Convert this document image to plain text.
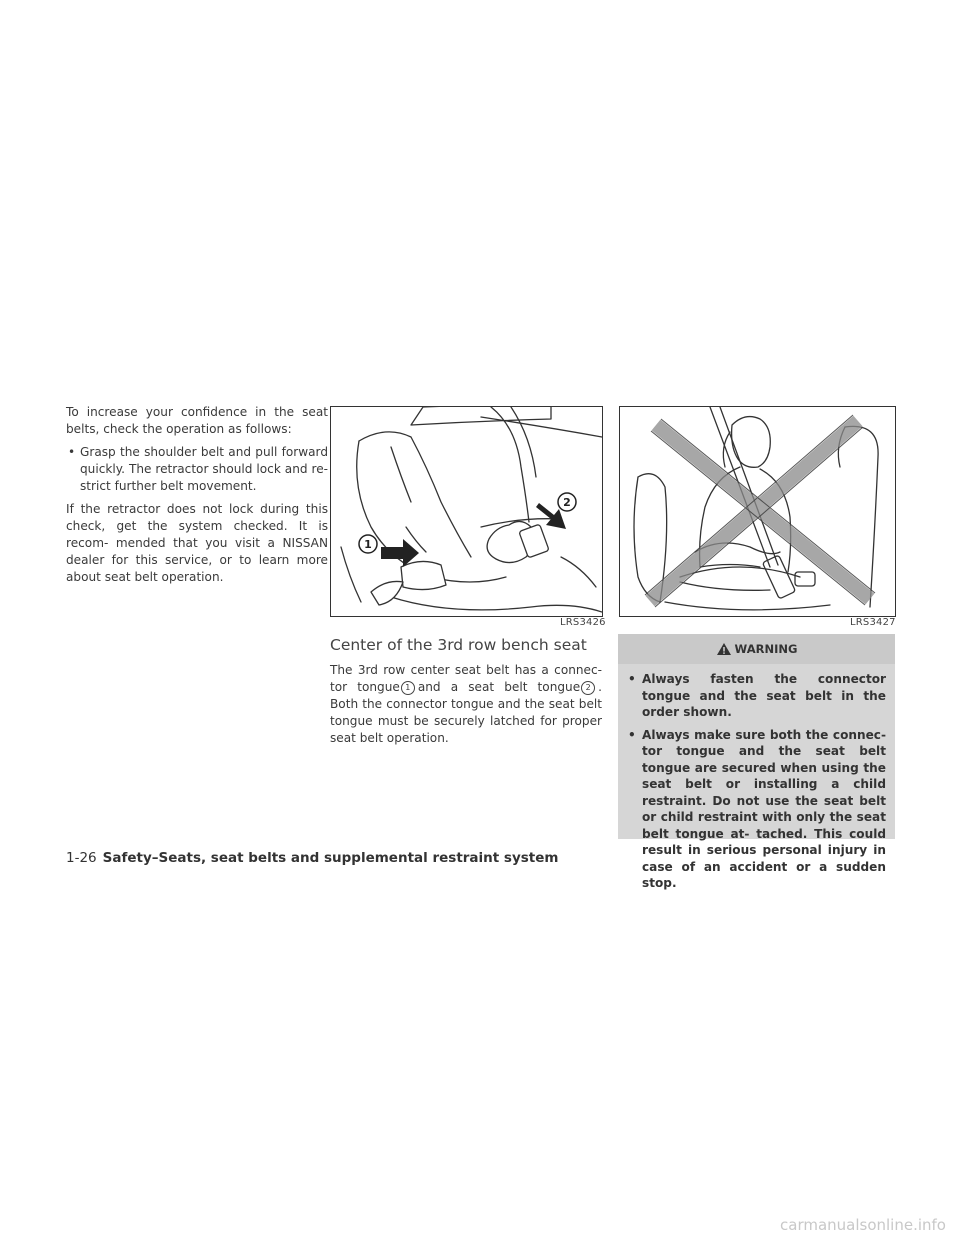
To increase your confidence in the seat belts, check the operation as follows:

• Grasp the shoulder belt and pull forward quickly. The retractor should lock and re- strict further belt movement.

If the retractor does not lock during this check, get the system checked. It is recom- mended that you visit a NISSAN dealer for this service, or to learn more about seat belt operation.

1
2
LRS3426	LRS3427
Center of the 3rd row bench seat

The 3rd row center seat belt has a connec- tor tongue 1 and a seat belt tongue 2 . Both the connector tongue and the seat belt tongue must be securely latched for proper seat belt operation.

WARNING
• Always fasten the connector tongue and the seat belt in the order shown.
• Always make sure both the connec- tor tongue and the seat belt tongue are secured when using the seat belt or installing a child restraint. Do not use the seat belt or child restraint with only the seat belt tongue at- tached. This could result in serious personal injury in case of an accident or a sudden stop.
1-26 Safety–Seats, seat belts and supplemental restraint system
carmanualsonline.info
